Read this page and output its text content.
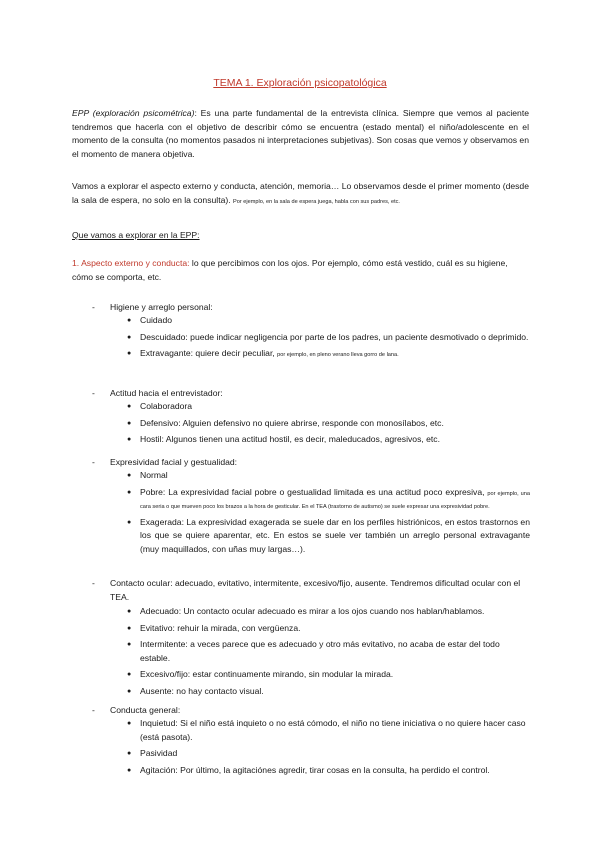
TEMA 1. Exploración psicopatológica
EPP (exploración psicométrica): Es una parte fundamental de la entrevista clínica. Siempre que vemos al paciente tendremos que hacerla con el objetivo de describir cómo se encuentra (estado mental) el niño/adolescente en el momento de la consulta (no momentos pasados ni interpretaciones subjetivas). Son cosas que vemos y observamos en el momento de manera objetiva.
Vamos a explorar el aspecto externo y conducta, atención, memoria… Lo observamos desde el primer momento (desde la sala de espera, no solo en la consulta). Por ejemplo, en la sala de espera juega, habla con sus padres, etc.
Que vamos a explorar en la EPP:
1. Aspecto externo y conducta: lo que percibimos con los ojos. Por ejemplo, cómo está vestido, cuál es su higiene, cómo se comporta, etc.
-	Higiene y arreglo personal:
● Cuidado
● Descuidado: puede indicar negligencia por parte de los padres, un paciente desmotivado o deprimido.
● Extravagante: quiere decir peculiar, por ejemplo, en pleno verano lleva gorro de lana.
-	Actitud hacia el entrevistador:
● Colaboradora
● Defensivo: Alguien defensivo no quiere abrirse, responde con monosílabos, etc.
● Hostil: Algunos tienen una actitud hostil, es decir, maleducados, agresivos, etc.
-	Expresividad facial y gestualidad:
● Normal
● Pobre: La expresividad facial pobre o gestualidad limitada es una actitud poco expresiva, por ejemplo, una cara seria o que mueven poco los brazos a la hora de gesticular. En el TEA (trastorno de autismo) se suele expresar una expresividad pobre.
● Exagerada: La expresividad exagerada se suele dar en los perfiles histriónicos, en estos trastornos en los que se quiere aparentar, etc. En estos se suele ver también un arreglo personal extravagante (muy maquillados, con uñas muy largas…).
-	Contacto ocular: adecuado, evitativo, intermitente, excesivo/fijo, ausente. Tendremos dificultad ocular con el TEA.
● Adecuado: Un contacto ocular adecuado es mirar a los ojos cuando nos hablan/hablamos.
● Evitativo: rehuir la mirada, con vergüenza.
● Intermitente: a veces parece que es adecuado y otro más evitativo, no acaba de estar del todo estable.
● Excesivo/fijo: estar continuamente mirando, sin modular la mirada.
● Ausente: no hay contacto visual.
-	Conducta general:
● Inquietud: Si el niño está inquieto o no está cómodo, el niño no tiene iniciativa o no quiere hacer caso (está pasota).
● Pasividad
● Agitación: Por último, la agitaciónes agredir, tirar cosas en la consulta, ha perdido el control.
